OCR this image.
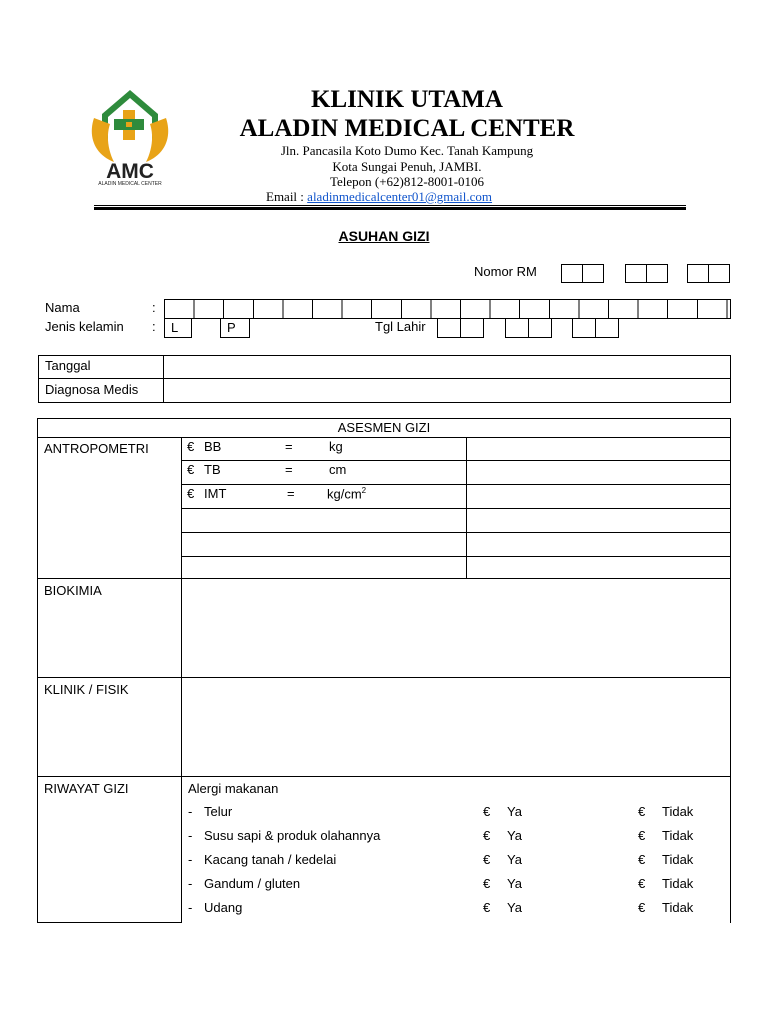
AMC
ALADIN MEDICAL CENTER
KLINIK UTAMA
ALADIN MEDICAL CENTER
Jln. Pancasila Koto Dumo Kec. Tanah Kampung
Kota Sungai Penuh, JAMBI.
Telepon (+62)812-8001-0106
Email : aladinmedicalcenter01@gmail.com
ASUHAN GIZI
Nomor RM
Nama	:
Jenis kelamin : L	P	Tgl Lahir
Tanggal
Diagnosa Medis
ASESMEN GIZI
ANTROPOMETRI	€ BB	=	kg
€ TB	=	cm
€ IMT	= $kg/cm^2$
BIOKIMIA
KLINIK / FISIK
RIWAYAT GIZI	Alergi makanan
- Telur	€ Ya	€ Tidak
- Susu sapi & produk olahannya	€ Ya	€ Tidak
- Kacang tanah / kedelai	€ Ya	€ Tidak
- Gandum / gluten	€ Ya	€ Tidak
- Udang	€ Ya	€ Tidak
